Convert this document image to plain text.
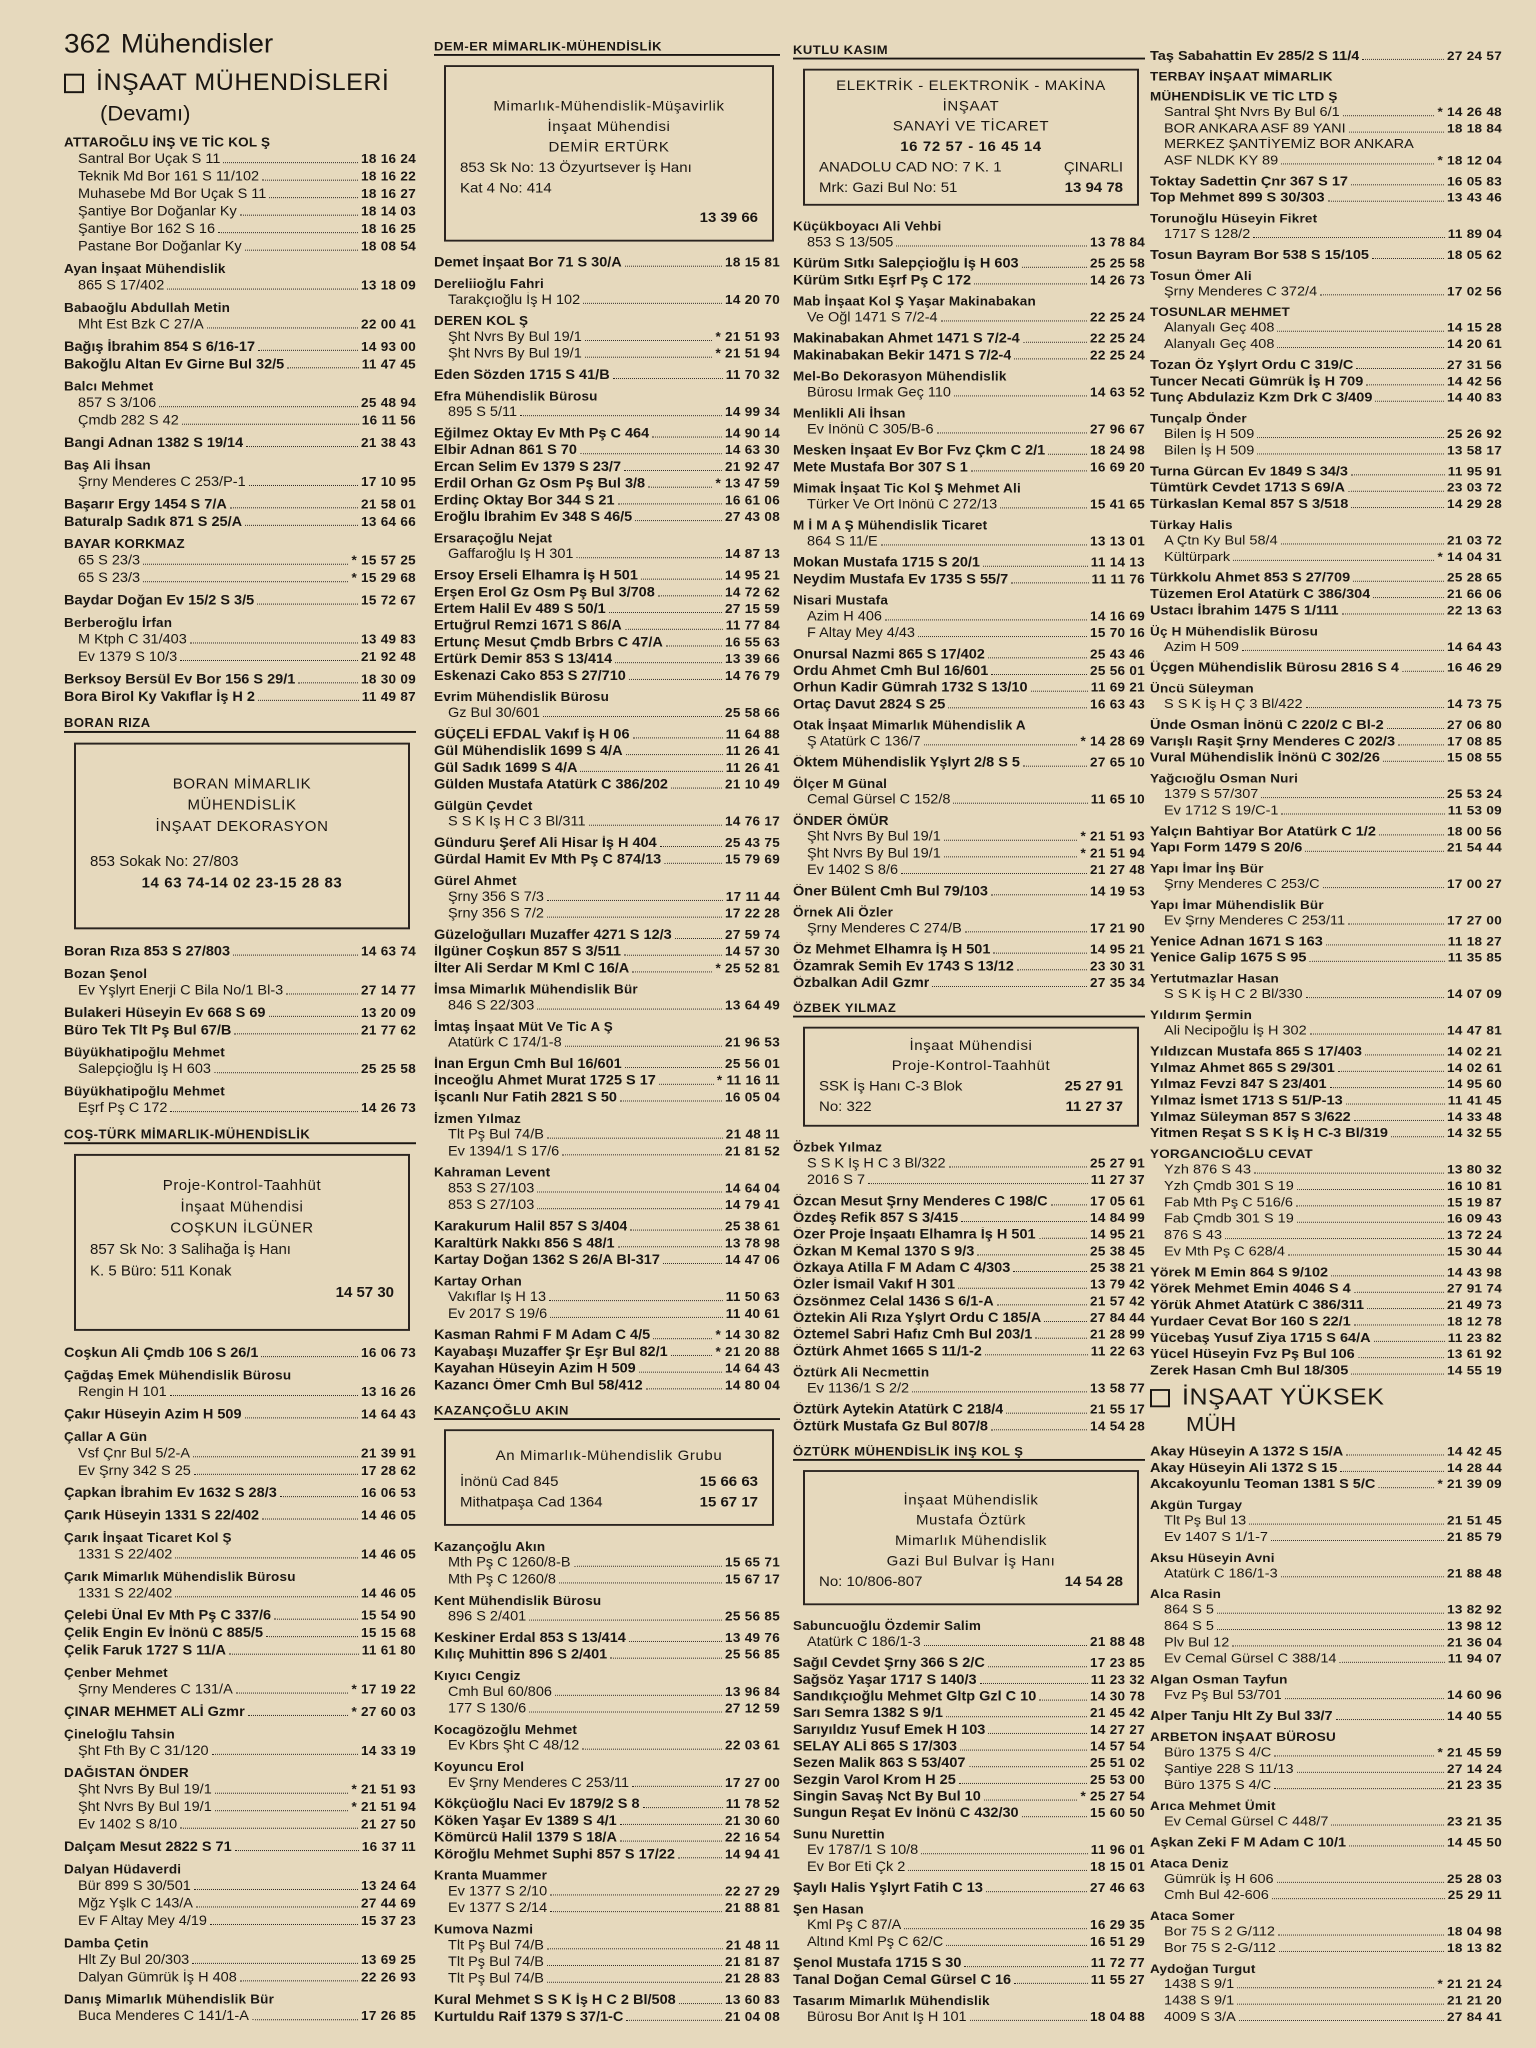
362 Mühendisler
İNŞAAT MÜHENDİSLERİ
(Devamı)
ATTAROĞLU İNŞ VE TİC KOL Ş
Santral Bor Uçak S 11	18 16 24
Teknik Md Bor 161 S 11/102	18 16 22
Muhasebe Md Bor Uçak S 11	18 16 27
Şantiye Bor Doğanlar Ky	18 14 03
Şantiye Bor 162 S 16	18 16 25
Pastane Bor Doğanlar Ky	18 08 54
Ayan İnşaat Mühendislik
865 S 17/402	13 18 09
Babaoğlu Abdullah Metin
Mht Est Bzk C 27/A	22 00 41
Bağış İbrahim 854 S 6/16-17	14 93 00
Bakoğlu Altan Ev Girne Bul 32/5	11 47 45
Balcı Mehmet
857 S 3/106	25 48 94
Çmdb 282 S 42	16 11 56
Bangi Adnan 1382 S 19/14	21 38 43
Baş Ali İhsan
Şrny Menderes C 253/P-1	17 10 95
Başarır Ergy 1454 S 7/A	21 58 01
Baturalp Sadık 871 S 25/A	13 64 66
BAYAR KORKMAZ
65 S 23/3	* 15 57 25
65 S 23/3	* 15 29 68
Baydar Doğan Ev 15/2 S 3/5	15 72 67
Berberoğlu İrfan
M Ktph C 31/403	13 49 83
Ev 1379 S 10/3	21 92 48
Berksoy Bersül Ev Bor 156 S 29/1	18 30 09
Bora Birol Ky Vakıflar İş H 2	11 49 87
BORAN RIZA
BORAN MİMARLIK
MÜHENDİSLİK
İNŞAAT DEKORASYON
853 Sokak No: 27/803
14 63 74-14 02 23-15 28 83
Boran Rıza 853 S 27/803	14 63 74
Bozan Şenol
Ev Yşlyrt Enerji C Bila No/1 Bl-3	27 14 77
Bulakeri Hüseyin Ev 668 S 69	13 20 09
Büro Tek Tlt Pş Bul 67/B	21 77 62
Büyükhatipoğlu Mehmet
Salepçioğlu İş H 603	25 25 58
Büyükhatipoğlu Mehmet
Eşrf Pş C 172	14 26 73
COŞ-TÜRK MİMARLIK-MÜHENDİSLİK
Proje-Kontrol-Taahhüt
İnşaat Mühendisi
COŞKUN İLGÜNER
857 Sk No: 3 Salihağa İş Hanı
K. 5 Büro: 511 Konak
14 57 30
Coşkun Ali Çmdb 106 S 26/1	16 06 73
Çağdaş Emek Mühendislik Bürosu
Rengin H 101	13 16 26
Çakır Hüseyin Azim H 509	14 64 43
Çallar A Gün
Vsf Çnr Bul 5/2-A	21 39 91
Ev Şrny 342 S 25	17 28 62
Çapkan İbrahim Ev 1632 S 28/3	16 06 53
Çarık Hüseyin 1331 S 22/402	14 46 05
Çarık İnşaat Ticaret Kol Ş
1331 S 22/402	14 46 05
Çarık Mimarlık Mühendislik Bürosu
1331 S 22/402	14 46 05
Çelebi Ünal Ev Mth Pş C 337/6	15 54 90
Çelik Engin Ev İnönü C 885/5	15 15 68
Çelik Faruk 1727 S 11/A	11 61 80
Çenber Mehmet
Şrny Menderes C 131/A	* 17 19 22
ÇINAR MEHMET ALİ Gzmr	* 27 60 03
Çineloğlu Tahsin
Şht Fth By C 31/120	14 33 19
DAĞISTAN ÖNDER
Şht Nvrs By Bul 19/1	* 21 51 93
Şht Nvrs By Bul 19/1	* 21 51 94
Ev 1402 S 8/10	21 27 50
Dalçam Mesut 2822 S 71	16 37 11
Dalyan Hüdaverdi
Bür 899 S 30/501	13 24 64
Mğz Yşlk C 143/A	27 44 69
Ev F Altay Mey 4/19	15 37 23
Damba Çetin
Hlt Zy Bul 20/303	13 69 25
Dalyan Gümrük İş H 408	22 26 93
Danış Mimarlık Mühendislik Bür
Buca Menderes C 141/1-A	17 26 85
DEM-ER MİMARLIK-MÜHENDİSLİK
Mimarlık-Mühendislik-Müşavirlik
İnşaat Mühendisi
DEMİR ERTÜRK
853 Sk No: 13 Özyurtsever İş Hanı
Kat 4 No: 414
13 39 66
Demet İnşaat Bor 71 S 30/A	18 15 81
Dereliioğlu Fahri
Tarakçıoğlu İş H 102	14 20 70
DEREN KOL Ş
Şht Nvrs By Bul 19/1	* 21 51 93
Şht Nvrs By Bul 19/1	* 21 51 94
Eden Sözden 1715 S 41/B	11 70 32
Efra Mühendislik Bürosu
895 S 5/11	14 99 34
Eğilmez Oktay Ev Mth Pş C 464	14 90 14
Elbir Adnan 861 S 70	14 63 30
Ercan Selim Ev 1379 S 23/7	21 92 47
Erdil Orhan Gz Osm Pş Bul 3/8	* 13 47 59
Erdinç Oktay Bor 344 S 21	16 61 06
Eroğlu İbrahim Ev 348 S 46/5	27 43 08
Ersaraçoğlu Nejat
Gaffaroğlu İş H 301	14 87 13
Ersoy Erseli Elhamra İş H 501	14 95 21
Erşen Erol Gz Osm Pş Bul 3/708	14 72 62
Ertem Halil Ev 489 S 50/1	27 15 59
Ertuğrul Remzi 1671 S 86/A	11 77 84
Ertunç Mesut Çmdb Brbrs C 47/A	16 55 63
Ertürk Demir 853 S 13/414	13 39 66
Eskenazi Cako 853 S 27/710	14 76 79
Evrim Mühendislik Bürosu
Gz Bul 30/601	25 58 66
GÜÇELİ EFDAL Vakıf İş H 06	11 64 88
Gül Mühendislik 1699 S 4/A	11 26 41
Gül Sadık 1699 S 4/A	11 26 41
Gülden Mustafa Atatürk C 386/202	21 10 49
Gülgün Çevdet
S S K İş H C 3 Bl/311	14 76 17
Günduru Şeref Ali Hisar İş H 404	25 43 75
Gürdal Hamit Ev Mth Pş C 874/13	15 79 69
Gürel Ahmet
Şrny 356 S 7/3	17 11 44
Şrny 356 S 7/2	17 22 28
Güzeloğulları Muzaffer 4271 S 12/3	27 59 74
İlgüner Coşkun 857 S 3/511	14 57 30
İlter Ali Serdar M Kml C 16/A	* 25 52 81
İmsa Mimarlık Mühendislik Bür
846 S 22/303	13 64 49
İmtaş İnşaat Müt Ve Tic A Ş
Atatürk C 174/1-8	21 96 53
İnan Ergun Cmh Bul 16/601	25 56 01
İnceoğlu Ahmet Murat 1725 S 17	* 11 16 11
İşcanlı Nur Fatih 2821 S 50	16 05 04
İzmen Yılmaz
Tlt Pş Bul 74/B	21 48 11
Ev 1394/1 S 17/6	21 81 52
Kahraman Levent
853 S 27/103	14 64 04
853 S 27/103	14 79 41
Karakurum Halil 857 S 3/404	25 38 61
Karaltürk Nakkı 856 S 48/1	13 78 98
Kartay Doğan 1362 S 26/A Bl-317	14 47 06
Kartay Orhan
Vakıflar İş H 13	11 50 63
Ev 2017 S 19/6	11 40 61
Kasman Rahmi F M Adam C 4/5	* 14 30 82
Kayabaşı Muzaffer Şr Eşr Bul 82/1	* 21 20 88
Kayahan Hüseyin Azim H 509	14 64 43
Kazancı Ömer Cmh Bul 58/412	14 80 04
KAZANÇOĞLU AKIN
An Mimarlık-Mühendislik Grubu
İnönü Cad 845	15 66 63
Mithatpaşa Cad 1364	15 67 17
Kazançoğlu Akın
Mth Pş C 1260/8-B	15 65 71
Mth Pş C 1260/8	15 67 17
Kent Mühendislik Bürosu
896 S 2/401	25 56 85
Keskiner Erdal 853 S 13/414	13 49 76
Kılıç Muhittin 896 S 2/401	25 56 85
Kıyıcı Cengiz
Cmh Bul 60/806	13 96 84
177 S 130/6	27 12 59
Kocagözoğlu Mehmet
Ev Kbrs Şht C 48/12	22 03 61
Koyuncu Erol
Ev Şrny Menderes C 253/11	17 27 00
Kökçüoğlu Naci Ev 1879/2 S 8	11 78 52
Köken Yaşar Ev 1389 S 4/1	21 30 60
Kömürcü Halil 1379 S 18/A	22 16 54
Köroğlu Mehmet Suphi 857 S 17/22	14 94 41
Kranta Muammer
Ev 1377 S 2/10	22 27 29
Ev 1377 S 2/14	21 88 81
Kumova Nazmi
Tlt Pş Bul 74/B	21 48 11
Tlt Pş Bul 74/B	21 81 87
Tlt Pş Bul 74/B	21 28 83
Kural Mehmet S S K İş H C 2 Bl/508	13 60 83
Kurtuldu Raif 1379 S 37/1-C	21 04 08
KUTLU KASIM
ELEKTRİK - ELEKTRONİK - MAKİNA
İNŞAAT
SANAYİ VE TİCARET
16 72 57 - 16 45 14
ANADOLU CAD NO: 7 K. 1	ÇINARLI
Mrk: Gazi Bul No: 51	13 94 78
Küçükboyacı Ali Vehbi
853 S 13/505	13 78 84
Kürüm Sıtkı Salepçioğlu İş H 603	25 25 58
Kürüm Sıtkı Eşrf Pş C 172	14 26 73
Mab İnşaat Kol Ş Yaşar Makinabakan
Ve Oğl 1471 S 7/2-4	22 25 24
Makinabakan Ahmet 1471 S 7/2-4	22 25 24
Makinabakan Bekir 1471 S 7/2-4	22 25 24
Mel-Bo Dekorasyon Mühendislik
Bürosu Irmak Geç 110	14 63 52
Menlikli Ali İhsan
Ev İnönü C 305/B-6	27 96 67
Mesken İnşaat Ev Bor Fvz Çkm C 2/1	18 24 98
Mete Mustafa Bor 307 S 1	16 69 20
Mimak İnşaat Tic Kol Ş Mehmet Ali
Türker Ve Ort İnönü C 272/13	15 41 65
M İ M A Ş Mühendislik Ticaret
864 S 11/E	13 13 01
Mokan Mustafa 1715 S 20/1	11 14 13
Neydim Mustafa Ev 1735 S 55/7	11 11 76
Nisari Mustafa
Azim H 406	14 16 69
F Altay Mey 4/43	15 70 16
Onursal Nazmi 865 S 17/402	25 43 46
Ordu Ahmet Cmh Bul 16/601	25 56 01
Orhun Kadir Gümrah 1732 S 13/10	11 69 21
Ortaç Davut 2824 S 25	16 63 43
Otak İnşaat Mimarlık Mühendislik A
Ş Atatürk C 136/7	* 14 28 69
Öktem Mühendislik Yşlyrt 2/8 S 5	27 65 10
Ölçer M Günal
Cemal Gürsel C 152/8	11 65 10
ÖNDER ÖMÜR
Şht Nvrs By Bul 19/1	* 21 51 93
Şht Nvrs By Bul 19/1	* 21 51 94
Ev 1402 S 8/6	21 27 48
Öner Bülent Cmh Bul 79/103	14 19 53
Örnek Ali Özler
Şrny Menderes C 274/B	17 21 90
Öz Mehmet Elhamra İş H 501	14 95 21
Özamrak Semih Ev 1743 S 13/12	23 30 31
Özbalkan Adil Gzmr	27 35 34
ÖZBEK YILMAZ
İnşaat Mühendisi
Proje-Kontrol-Taahhüt
SSK İş Hanı C-3 Blok	25 27 91
No: 322	11 27 37
Özbek Yılmaz
S S K İş H C 3 Bl/322	25 27 91
2016 S 7	11 27 37
Özcan Mesut Şrny Menderes C 198/C	17 05 61
Özdeş Refik 857 S 3/415	14 84 99
Özer Proje İnşaatı Elhamra İş H 501	14 95 21
Özkan M Kemal 1370 S 9/3	25 38 45
Özkaya Atilla F M Adam C 4/303	25 38 21
Özler İsmail Vakıf H 301	13 79 42
Özsönmez Celal 1436 S 6/1-A	21 57 42
Öztekin Ali Rıza Yşlyrt Ordu C 185/A	27 84 44
Öztemel Sabri Hafız Cmh Bul 203/1	21 28 99
Öztürk Ahmet 1665 S 11/1-2	11 22 63
Öztürk Ali Necmettin
Ev 1136/1 S 2/2	13 58 77
Öztürk Aytekin Atatürk C 218/4	21 55 17
Öztürk Mustafa Gz Bul 807/8	14 54 28
ÖZTÜRK MÜHENDİSLİK İNŞ KOL Ş
İnşaat Mühendislik
Mustafa Öztürk
Mimarlık Mühendislik
Gazi Bul Bulvar İş Hanı
No: 10/806-807	14 54 28
Sabuncuoğlu Özdemir Salim
Atatürk C 186/1-3	21 88 48
Sağıl Cevdet Şrny 366 S 2/C	17 23 85
Sağsöz Yaşar 1717 S 140/3	11 23 32
Sandıkçıoğlu Mehmet Gltp Gzl C 10	14 30 78
Sarı Semra 1382 S 9/1	21 45 42
Sarıyıldız Yusuf Emek H 103	14 27 27
SELAY ALİ 865 S 17/303	14 57 54
Sezen Malik 863 S 53/407	25 51 02
Sezgin Varol Krom H 25	25 53 00
Singin Savaş Nct By Bul 10	* 25 27 54
Sungun Reşat Ev İnönü C 432/30	15 60 50
Sunu Nurettin
Ev 1787/1 S 10/8	11 96 01
Ev Bor Eti Çk 2	18 15 01
Şaylı Halis Yşlyrt Fatih C 13	27 46 63
Şen Hasan
Kml Pş C 87/A	16 29 35
Altınd Kml Pş C 62/C	16 51 29
Şenol Mustafa 1715 S 30	11 72 77
Tanal Doğan Cemal Gürsel C 16	11 55 27
Tasarım Mimarlık Mühendislik
Bürosu Bor Anıt İş H 101	18 04 88
Taş Sabahattin Ev 285/2 S 11/4	27 24 57
TERBAY İNŞAAT MİMARLIK
MÜHENDİSLİK VE TİC LTD Ş
Santral Şht Nvrs By Bul 6/1	* 14 26 48
BOR ANKARA ASF 89 YANI	18 18 84
MERKEZ ŞANTİYEMİZ BOR ANKARA
ASF NLDK KY 89	* 18 12 04
Toktay Sadettin Çnr 367 S 17	16 05 83
Top Mehmet 899 S 30/303	13 43 46
Torunoğlu Hüseyin Fikret
1717 S 128/2	11 89 04
Tosun Bayram Bor 538 S 15/105	18 05 62
Tosun Ömer Ali
Şrny Menderes C 372/4	17 02 56
TOSUNLAR MEHMET
Alanyalı Geç 408	14 15 28
Alanyalı Geç 408	14 20 61
Tozan Öz Yşlyrt Ordu C 319/C	27 31 56
Tuncer Necati Gümrük İş H 709	14 42 56
Tunç Abdulaziz Kzm Drk C 3/409	14 40 83
Tunçalp Önder
Bilen İş H 509	25 26 92
Bilen İş H 509	13 58 17
Turna Gürcan Ev 1849 S 34/3	11 95 91
Tümtürk Cevdet 1713 S 69/A	23 03 72
Türkaslan Kemal 857 S 3/518	14 29 28
Türkay Halis
A Çtn Ky Bul 58/4	21 03 72
Kültürpark	* 14 04 31
Türkkolu Ahmet 853 S 27/709	25 28 65
Tüzemen Erol Atatürk C 386/304	21 66 06
Ustacı İbrahim 1475 S 1/111	22 13 63
Üç H Mühendislik Bürosu
Azim H 509	14 64 43
Üçgen Mühendislik Bürosu 2816 S 4	16 46 29
Üncü Süleyman
S S K İş H Ç 3 Bl/422	14 73 75
Ünde Osman İnönü C 220/2 C Bl-2	27 06 80
Varışlı Raşit Şrny Menderes C 202/3	17 08 85
Vural Mühendislik İnönü C 302/26	15 08 55
Yağcıoğlu Osman Nuri
1379 S 57/307	25 53 24
Ev 1712 S 19/C-1	11 53 09
Yalçın Bahtiyar Bor Atatürk C 1/2	18 00 56
Yapı Form 1479 S 20/6	21 54 44
Yapı İmar İnş Bür
Şrny Menderes C 253/C	17 00 27
Yapı İmar Mühendislik Bür
Ev Şrny Menderes C 253/11	17 27 00
Yenice Adnan 1671 S 163	11 18 27
Yenice Galip 1675 S 95	11 35 85
Yertutmazlar Hasan
S S K İş H C 2 Bl/330	14 07 09
Yıldırım Şermin
Ali Necipoğlu İş H 302	14 47 81
Yıldızcan Mustafa 865 S 17/403	14 02 21
Yılmaz Ahmet 865 S 29/301	14 02 61
Yılmaz Fevzi 847 S 23/401	14 95 60
Yılmaz İsmet 1713 S 51/P-13	11 41 45
Yılmaz Süleyman 857 S 3/622	14 33 48
Yitmen Reşat S S K İş H C-3 Bl/319	14 32 55
YORGANCIOĞLU CEVAT
Yzh 876 S 43	13 80 32
Yzh Çmdb 301 S 19	16 10 81
Fab Mth Pş C 516/6	15 19 87
Fab Çmdb 301 S 19	16 09 43
876 S 43	13 72 24
Ev Mth Pş C 628/4	15 30 44
Yörek M Emin 864 S 9/102	14 43 98
Yörek Mehmet Emin 4046 S 4	27 91 74
Yörük Ahmet Atatürk C 386/311	21 49 73
Yurdaer Cevat Bor 160 S 22/1	18 12 78
Yücebaş Yusuf Ziya 1715 S 64/A	11 23 82
Yücel Hüseyin Fvz Pş Bul 106	13 61 92
Zerek Hasan Cmh Bul 18/305	14 55 19
İNŞAAT YÜKSEK
MÜH
Akay Hüseyin A 1372 S 15/A	14 42 45
Akay Hüseyin Ali 1372 S 15	14 28 44
Akcakoyunlu Teoman 1381 S 5/C	* 21 39 09
Akgün Turgay
Tlt Pş Bul 13	21 51 45
Ev 1407 S 1/1-7	21 85 79
Aksu Hüseyin Avni
Atatürk C 186/1-3	21 88 48
Alca Rasin
864 S 5	13 82 92
864 S 5	13 98 12
Plv Bul 12	21 36 04
Ev Cemal Gürsel C 388/14	11 94 07
Algan Osman Tayfun
Fvz Pş Bul 53/701	14 60 96
Alper Tanju Hlt Zy Bul 33/7	14 40 55
ARBETON İNŞAAT BÜROSU
Büro 1375 S 4/C	* 21 45 59
Şantiye 228 S 11/13	27 14 24
Büro 1375 S 4/C	21 23 35
Arıca Mehmet Ümit
Ev Cemal Gürsel C 448/7	23 21 35
Aşkan Zeki F M Adam C 10/1	14 45 50
Ataca Deniz
Gümrük İş H 606	25 28 03
Cmh Bul 42-606	25 29 11
Ataca Somer
Bor 75 S 2 G/112	18 04 98
Bor 75 S 2-G/112	18 13 82
Aydoğan Turgut
1438 S 9/1	* 21 21 24
1438 S 9/1	21 21 20
4009 S 3/A	27 84 41
